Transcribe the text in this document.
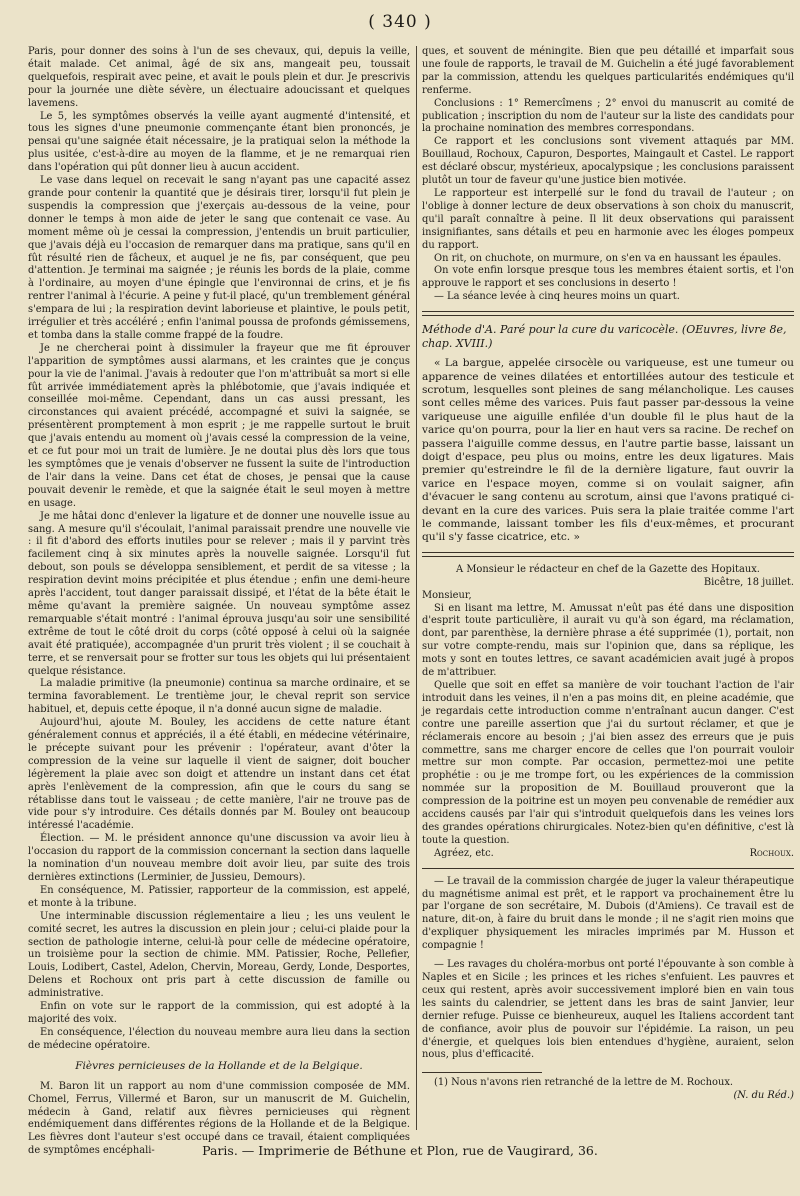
( 340 )

Paris, pour donner des soins à l'un de ses chevaux, qui, depuis la veille, était malade. Cet animal, âgé de six ans, mangeait peu, toussait quelquefois, respirait avec peine, et avait le pouls plein et dur. Je prescrivis pour la journée une diète sévère, un électuaire adoucissant et quelques lavemens.

Le 5, les symptômes observés la veille ayant augmenté d'intensité, et tous les signes d'une pneumonie commençante étant bien prononcés, je pensai qu'une saignée était nécessaire, je la pratiquai selon la méthode la plus usitée, c'est-à-dire au moyen de la flamme, et je ne remarquai rien dans l'opération qui pût donner lieu à aucun accident.

Le vase dans lequel on recevait le sang n'ayant pas une capacité assez grande pour contenir la quantité que je désirais tirer, lorsqu'il fut plein je suspendis la compression que j'exerçais au-dessous de la veine, pour donner le temps à mon aide de jeter le sang que contenait ce vase. Au moment même où je cessai la compression, j'entendis un bruit particulier, que j'avais déjà eu l'occasion de remarquer dans ma pratique, sans qu'il en fût résulté rien de fâcheux, et auquel je ne fis, par conséquent, que peu d'attention. Je terminai ma saignée ; je réunis les bords de la plaie, comme à l'ordinaire, au moyen d'une épingle que l'environnai de crins, et je fis rentrer l'animal à l'écurie. A peine y fut-il placé, qu'un tremblement général s'empara de lui ; la respiration devint laborieuse et plaintive, le pouls petit, irrégulier et très accéléré ; enfin l'animal poussa de profonds gémissemens, et tomba dans la stalle comme frappé de la foudre.

Je ne chercherai point à dissimuler la frayeur que me fit éprouver l'apparition de symptômes aussi alarmans, et les craintes que je conçus pour la vie de l'animal. J'avais à redouter que l'on m'attribuât sa mort si elle fût arrivée immédiatement après la phlébotomie, que j'avais indiquée et conseillée moi-même. Cependant, dans un cas aussi pressant, les circonstances qui avaient précédé, accompagné et suivi la saignée, se présentèrent promptement à mon esprit ; je me rappelle surtout le bruit que j'avais entendu au moment où j'avais cessé la compression de la veine, et ce fut pour moi un trait de lumière. Je ne doutai plus dès lors que tous les symptômes que je venais d'observer ne fussent la suite de l'introduction de l'air dans la veine. Dans cet état de choses, je pensai que la cause pouvait devenir le remède, et que la saignée était le seul moyen à mettre en usage.

Je me hâtai donc d'enlever la ligature et de donner une nouvelle issue au sang. A mesure qu'il s'écoulait, l'animal paraissait prendre une nouvelle vie : il fit d'abord des efforts inutiles pour se relever ; mais il y parvint très facilement cinq à six minutes après la nouvelle saignée. Lorsqu'il fut debout, son pouls se développa sensiblement, et perdit de sa vitesse ; la respiration devint moins précipitée et plus étendue ; enfin une demi-heure après l'accident, tout danger paraissait dissipé, et l'état de la bête était le même qu'avant la première saignée. Un nouveau symptôme assez remarquable s'était montré : l'animal éprouva jusqu'au soir une sensibilité extrême de tout le côté droit du corps (côté opposé à celui où la saignée avait été pratiquée), accompagnée d'un prurit très violent ; il se couchait à terre, et se renversait pour se frotter sur tous les objets qui lui présentaient quelque résistance.

La maladie primitive (la pneumonie) continua sa marche ordinaire, et se termina favorablement. Le trentième jour, le cheval reprit son service habituel, et, depuis cette époque, il n'a donné aucun signe de maladie.

Aujourd'hui, ajoute M. Bouley, les accidens de cette nature étant généralement connus et appréciés, il a été établi, en médecine vétérinaire, le précepte suivant pour les prévenir : l'opérateur, avant d'ôter la compression de la veine sur laquelle il vient de saigner, doit boucher légèrement la plaie avec son doigt et attendre un instant dans cet état après l'enlèvement de la compression, afin que le cours du sang se rétablisse dans tout le vaisseau ; de cette manière, l'air ne trouve pas de vide pour s'y introduire. Ces détails donnés par M. Bouley ont beaucoup intéressé l'académie.

Élection. — M. le président annonce qu'une discussion va avoir lieu à l'occasion du rapport de la commission concernant la section dans laquelle la nomination d'un nouveau membre doit avoir lieu, par suite des trois dernières extinctions (Lerminier, de Jussieu, Demours).

En conséquence, M. Patissier, rapporteur de la commission, est appelé, et monte à la tribune.

Une interminable discussion réglementaire a lieu ; les uns veulent le comité secret, les autres la discussion en plein jour ; celui-ci plaide pour la section de pathologie interne, celui-là pour celle de médecine opératoire, un troisième pour la section de chimie. MM. Patissier, Roche, Pellefier, Louis, Lodibert, Castel, Adelon, Chervin, Moreau, Gerdy, Londe, Desportes, Delens et Rochoux ont pris part à cette discussion de famille ou administrative.

Enfin on vote sur le rapport de la commission, qui est adopté à la majorité des voix.

En conséquence, l'élection du nouveau membre aura lieu dans la section de médecine opératoire.

Fièvres pernicieuses de la Hollande et de la Belgique.

M. Baron lit un rapport au nom d'une commission composée de MM. Chomel, Ferrus, Villermé et Baron, sur un manuscrit de M. Guichelin, médecin à Gand, relatif aux fièvres pernicieuses qui règnent endémiquement dans différentes régions de la Hollande et de la Belgique. Les fièvres dont l'auteur s'est occupé dans ce travail, étaient compliquées de symptômes encéphali-

ques, et souvent de méningite. Bien que peu détaillé et imparfait sous une foule de rapports, le travail de M. Guichelin a été jugé favorablement par la commission, attendu les quelques particularités endémiques qu'il renferme.

Conclusions : 1° Remercîmens ; 2° envoi du manuscrit au comité de publication ; inscription du nom de l'auteur sur la liste des candidats pour la prochaine nomination des membres correspondans.

Ce rapport et les conclusions sont vivement attaqués par MM. Bouillaud, Rochoux, Capuron, Desportes, Maingault et Castel. Le rapport est déclaré obscur, mystérieux, apocalypsique ; les conclusions paraissent plutôt un tour de faveur qu'une justice bien motivée.

Le rapporteur est interpellé sur le fond du travail de l'auteur ; on l'oblige à donner lecture de deux observations à son choix du manuscrit, qu'il paraît connaître à peine. Il lit deux observations qui paraissent insignifiantes, sans détails et peu en harmonie avec les éloges pompeux du rapport.

On rit, on chuchote, on murmure, on s'en va en haussant les épaules.

On vote enfin lorsque presque tous les membres étaient sortis, et l'on approuve le rapport et ses conclusions in deserto !

— La séance levée à cinq heures moins un quart.

Méthode d'A. Paré pour la cure du varicocèle. (OEuvres, livre 8e, chap. XVIII.)

« La bargue, appelée cirsocèle ou variqueuse, est une tumeur ou apparence de veines dilatées et entortillées autour des testicule et scrotum, lesquelles sont pleines de sang mélancholique. Les causes sont celles même des varices. Puis faut passer par-dessous la veine variqueuse une aiguille enfilée d'un double fil le plus haut de la varice qu'on pourra, pour la lier en haut vers sa racine. De rechef on passera l'aiguille comme dessus, en l'autre partie basse, laissant un doigt d'espace, peu plus ou moins, entre les deux ligatures. Mais premier qu'estreindre le fil de la dernière ligature, faut ouvrir la varice en l'espace moyen, comme si on voulait saigner, afin d'évacuer le sang contenu au scrotum, ainsi que l'avons pratiqué ci-devant en la cure des varices. Puis sera la plaie traitée comme l'art le commande, laissant tomber les fils d'eux-mêmes, et procurant qu'il s'y fasse cicatrice, etc. »

A Monsieur le rédacteur en chef de la Gazette des Hopitaux.

Bicêtre, 18 juillet.

Monsieur,

Si en lisant ma lettre, M. Amussat n'eût pas été dans une disposition d'esprit toute particulière, il aurait vu qu'à son égard, ma réclamation, dont, par parenthèse, la dernière phrase a été supprimée (1), portait, non sur votre compte-rendu, mais sur l'opinion que, dans sa réplique, les mots y sont en toutes lettres, ce savant académicien avait jugé à propos de m'attribuer.

Quelle que soit en effet sa manière de voir touchant l'action de l'air introduit dans les veines, il n'en a pas moins dit, en pleine académie, que je regardais cette introduction comme n'entraînant aucun danger. C'est contre une pareille assertion que j'ai du surtout réclamer, et que je réclamerais encore au besoin ; j'ai bien assez des erreurs que je puis commettre, sans me charger encore de celles que l'on pourrait vouloir mettre sur mon compte. Par occasion, permettez-moi une petite prophétie : ou je me trompe fort, ou les expériences de la commission nommée sur la proposition de M. Bouillaud prouveront que la compression de la poitrine est un moyen peu convenable de remédier aux accidens causés par l'air qui s'introduit quelquefois dans les veines lors des grandes opérations chirurgicales. Notez-bien qu'en définitive, c'est là toute la question.

Agréez, etc.	Rochoux.

— Le travail de la commission chargée de juger la valeur thérapeutique du magnétisme animal est prêt, et le rapport va prochainement être lu par l'organe de son secrétaire, M. Dubois (d'Amiens). Ce travail est de nature, dit-on, à faire du bruit dans le monde ; il ne s'agit rien moins que d'expliquer physiquement les miracles imprimés par M. Husson et compagnie !

— Les ravages du choléra-morbus ont porté l'épouvante à son comble à Naples et en Sicile ; les princes et les riches s'enfuient. Les pauvres et ceux qui restent, après avoir successivement imploré bien en vain tous les saints du calendrier, se jettent dans les bras de saint Janvier, leur dernier refuge. Puisse ce bienheureux, auquel les Italiens accordent tant de confiance, avoir plus de pouvoir sur l'épidémie. La raison, un peu d'énergie, et quelques lois bien entendues d'hygiène, auraient, selon nous, plus d'efficacité.

(1) Nous n'avons rien retranché de la lettre de M. Rochoux.

(N. du Réd.)

Paris. — Imprimerie de Béthune et Plon, rue de Vaugirard, 36.
